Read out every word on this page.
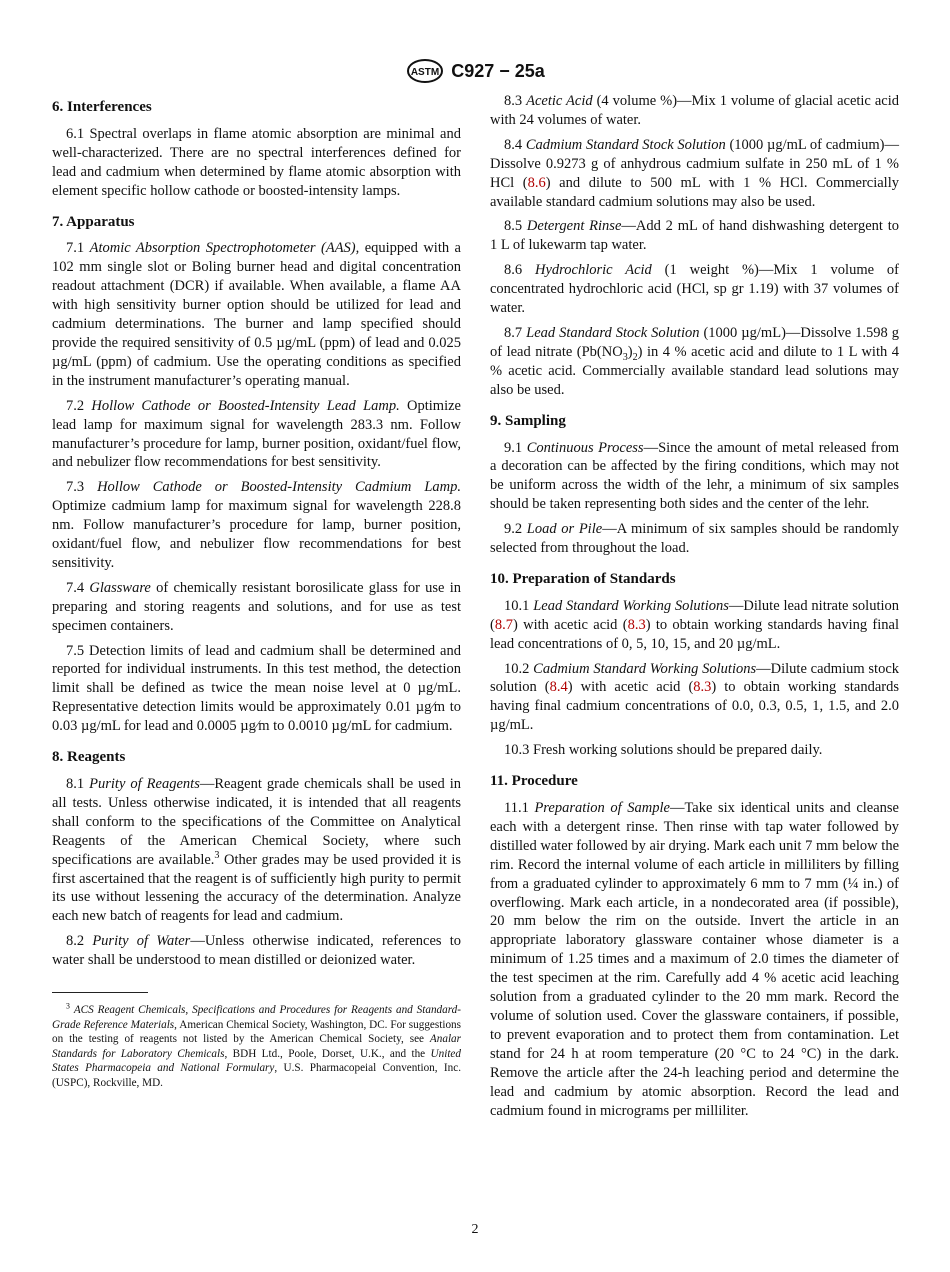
ASTM C927 − 25a
6. Interferences

6.1 Spectral overlaps in flame atomic absorption are minimal and well-characterized. There are no spectral interferences defined for lead and cadmium when determined by flame atomic absorption with element specific hollow cathode or boosted-intensity lamps.

7. Apparatus

7.1 Atomic Absorption Spectrophotometer (AAS), equipped with a 102 mm single slot or Boling burner head and digital concentration readout attachment (DCR) if available. When available, a flame AA with high sensitivity burner option should be utilized for lead and cadmium determinations. The burner and lamp specified should provide the required sensitivity of 0.5 µg/mL (ppm) of lead and 0.025 µg/mL (ppm) of cadmium. Use the operating conditions as specified in the instrument manufacturer’s operating manual.

7.2 Hollow Cathode or Boosted-Intensity Lead Lamp. Optimize lead lamp for maximum signal for wavelength 283.3 nm. Follow manufacturer’s procedure for lamp, burner position, oxidant/fuel flow, and nebulizer flow recommendations for best sensitivity.

7.3 Hollow Cathode or Boosted-Intensity Cadmium Lamp. Optimize cadmium lamp for maximum signal for wavelength 228.8 nm. Follow manufacturer’s procedure for lamp, burner position, oxidant/fuel flow, and nebulizer flow recommendations for best sensitivity.

7.4 Glassware of chemically resistant borosilicate glass for use in preparing and storing reagents and solutions, and for use as test specimen containers.

7.5 Detection limits of lead and cadmium shall be determined and reported for individual instruments. In this test method, the detection limit shall be defined as twice the mean noise level at 0 µg/mL. Representative detection limits would be approximately 0.01 µg⁄m to 0.03 µg/mL for lead and 0.0005 µg⁄m to 0.0010 µg/mL for cadmium.

8. Reagents

8.1 Purity of Reagents—Reagent grade chemicals shall be used in all tests. Unless otherwise indicated, it is intended that all reagents shall conform to the specifications of the Committee on Analytical Reagents of the American Chemical Society, where such specifications are available.$^3$ Other grades may be used provided it is first ascertained that the reagent is of sufficiently high purity to permit its use without lessening the accuracy of the determination. Analyze each new batch of reagents for lead and cadmium.

8.2 Purity of Water—Unless otherwise indicated, references to water shall be understood to mean distilled or deionized water.

$^3$ ACS Reagent Chemicals, Specifications and Procedures for Reagents and Standard-Grade Reference Materials, American Chemical Society, Washington, DC. For suggestions on the testing of reagents not listed by the American Chemical Society, see Analar Standards for Laboratory Chemicals, BDH Ltd., Poole, Dorset, U.K., and the United States Pharmacopeia and National Formulary, U.S. Pharmacopeial Convention, Inc. (USPC), Rockville, MD.

8.3 Acetic Acid (4 volume %)—Mix 1 volume of glacial acetic acid with 24 volumes of water.

8.4 Cadmium Standard Stock Solution (1000 µg/mL of cadmium)—Dissolve 0.9273 g of anhydrous cadmium sulfate in 250 mL of 1 % HCl (8.6) and dilute to 500 mL with 1 % HCl. Commercially available standard cadmium solutions may also be used.

8.5 Detergent Rinse—Add 2 mL of hand dishwashing detergent to 1 L of lukewarm tap water.

8.6 Hydrochloric Acid (1 weight %)—Mix 1 volume of concentrated hydrochloric acid (HCl, sp gr 1.19) with 37 volumes of water.

8.7 Lead Standard Stock Solution (1000 µg/mL)—Dissolve 1.598 g of lead nitrate $(Pb(NO_3)_2)$ in 4 % acetic acid and dilute to 1 L with 4 % acetic acid. Commercially available standard lead solutions may also be used.

9. Sampling

9.1 Continuous Process—Since the amount of metal released from a decoration can be affected by the firing conditions, which may not be uniform across the width of the lehr, a minimum of six samples should be taken representing both sides and the center of the lehr.

9.2 Load or Pile—A minimum of six samples should be randomly selected from throughout the load.

10. Preparation of Standards

10.1 Lead Standard Working Solutions—Dilute lead nitrate solution (8.7) with acetic acid (8.3) to obtain working standards having final lead concentrations of 0, 5, 10, 15, and 20 µg/mL.

10.2 Cadmium Standard Working Solutions—Dilute cadmium stock solution (8.4) with acetic acid (8.3) to obtain working standards having final cadmium concentrations of 0.0, 0.3, 0.5, 1, 1.5, and 2.0 µg/mL.

10.3 Fresh working solutions should be prepared daily.

11. Procedure

11.1 Preparation of Sample—Take six identical units and cleanse each with a detergent rinse. Then rinse with tap water followed by distilled water followed by air drying. Mark each unit 7 mm below the rim. Record the internal volume of each article in milliliters by filling from a graduated cylinder to approximately 6 mm to 7 mm (¼ in.) of overflowing. Mark each article, in a nondecorated area (if possible), 20 mm below the rim on the outside. Invert the article in an appropriate laboratory glassware container whose diameter is a minimum of 1.25 times and a maximum of 2.0 times the diameter of the test specimen at the rim. Carefully add 4 % acetic acid leaching solution from a graduated cylinder to the 20 mm mark. Record the volume of solution used. Cover the glassware containers, if possible, to prevent evaporation and to protect them from contamination. Let stand for 24 h at room temperature (20 °C to 24 °C) in the dark. Remove the article after the 24-h leaching period and determine the lead and cadmium by atomic absorption. Record the lead and cadmium found in micrograms per milliliter.

2
